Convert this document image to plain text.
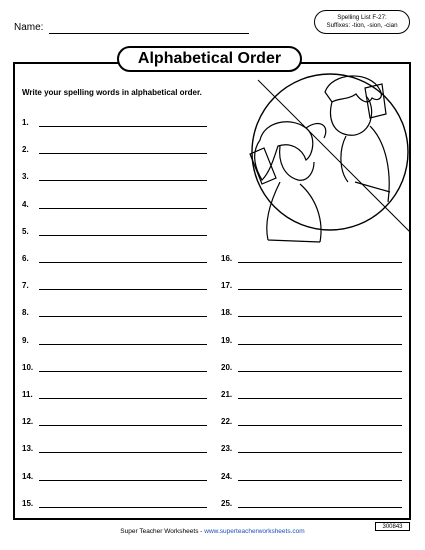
Name:
Spelling List F-27:
Suffixes: -tion, -sion, -cian
Alphabetical Order
Write your spelling words in alphabetical order.
1.
2.
3.
4.
5.
6.
7.
8.
9.
10.
11.
12.
13.
14.
15.
16.
17.
18.
19.
20.
21.
22.
23.
24.
25.
Super Teacher Worksheets - www.superteacherworksheets.com
300843
